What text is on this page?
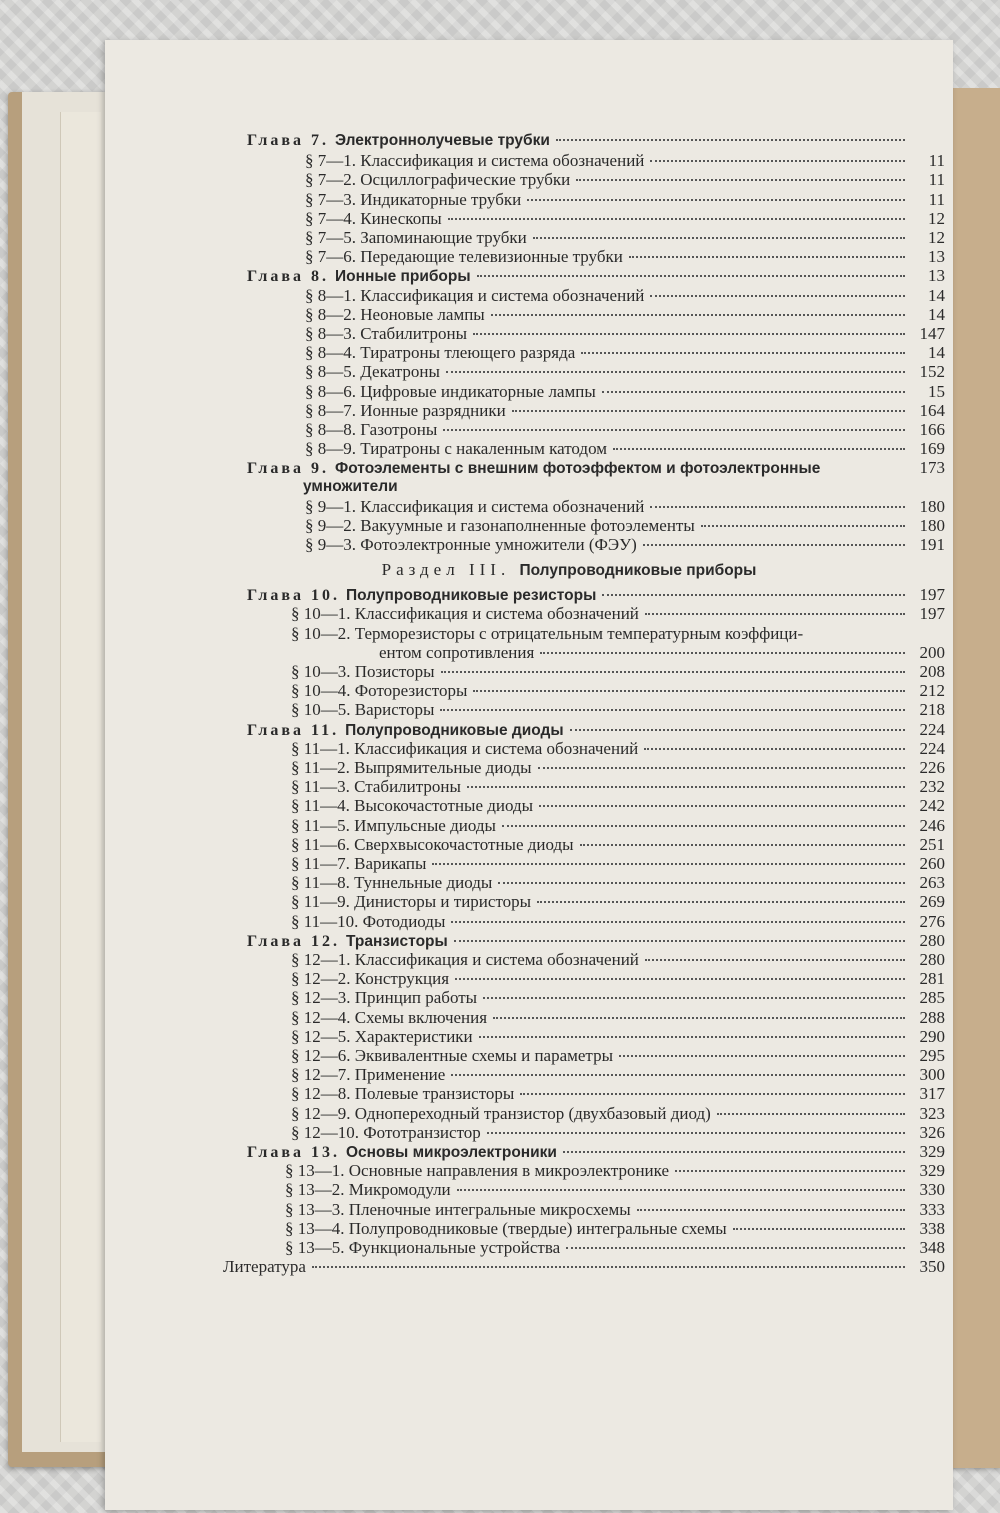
Глава 7. Электроннолучевые трубки
§ 7—1. Классификация и система обозначений	11
§ 7—2. Осциллографические трубки	11
§ 7—3. Индикаторные трубки	11
§ 7—4. Кинескопы	12
§ 7—5. Запоминающие трубки	12
§ 7—6. Передающие телевизионные трубки	13
Глава 8. Ионные приборы	13
§ 8—1. Классификация и система обозначений	14
§ 8—2. Неоновые лампы	14
§ 8—3. Стабилитроны	147
§ 8—4. Тиратроны тлеющего разряда	14
§ 8—5. Декатроны	152
§ 8—6. Цифровые индикаторные лампы	15
§ 8—7. Ионные разрядники	164
§ 8—8. Газотроны	166
§ 8—9. Тиратроны с накаленным катодом	169
Глава 9. Фотоэлементы с внешним фотоэффектом и фотоэлектронные	173
умножители
§ 9—1. Классификация и система обозначений	180
§ 9—2. Вакуумные и газонаполненные фотоэлементы	180
§ 9—3. Фотоэлектронные умножители (ФЭУ)	191
Раздел III. Полупроводниковые приборы
Глава 10. Полупроводниковые резисторы	197
§ 10—1. Классификация и система обозначений	197
§ 10—2. Терморезисторы с отрицательным температурным коэффици-
ентом сопротивления	200
§ 10—3. Позисторы	208
§ 10—4. Фоторезисторы	212
§ 10—5. Варисторы	218
Глава 11. Полупроводниковые диоды	224
§ 11—1. Классификация и система обозначений	224
§ 11—2. Выпрямительные диоды	226
§ 11—3. Стабилитроны	232
§ 11—4. Высокочастотные диоды	242
§ 11—5. Импульсные диоды	246
§ 11—6. Сверхвысокочастотные диоды	251
§ 11—7. Варикапы	260
§ 11—8. Туннельные диоды	263
§ 11—9. Динисторы и тиристоры	269
§ 11—10. Фотодиоды	276
Глава 12. Транзисторы	280
§ 12—1. Классификация и система обозначений	280
§ 12—2. Конструкция	281
§ 12—3. Принцип работы	285
§ 12—4. Схемы включения	288
§ 12—5. Характеристики	290
§ 12—6. Эквивалентные схемы и параметры	295
§ 12—7. Применение	300
§ 12—8. Полевые транзисторы	317
§ 12—9. Однопереходный транзистор (двухбазовый диод)	323
§ 12—10. Фототранзистор	326
Глава 13. Основы микроэлектроники	329
§ 13—1. Основные направления в микроэлектронике	329
§ 13—2. Микромодули	330
§ 13—3. Пленочные интегральные микросхемы	333
§ 13—4. Полупроводниковые (твердые) интегральные схемы	338
§ 13—5. Функциональные устройства	348
Литература	350
